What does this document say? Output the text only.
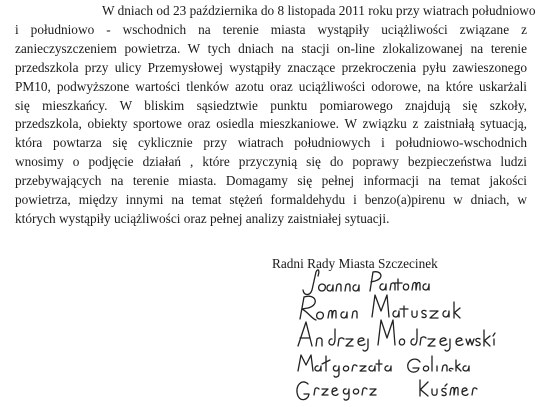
W dniach od 23 października do 8 listopada 2011 roku przy wiatrach południowo
i południowo - wschodnich na terenie miasta wystąpiły uciążliwości związane z
zanieczyszczeniem powietrza. W tych dniach na stacji on-line zlokalizowanej na terenie
przedszkola przy ulicy Przemysłowej wystąpiły znaczące przekroczenia pyłu zawieszonego
PM10, podwyższone wartości tlenków azotu oraz uciążliwości odorowe, na które uskarżali
się mieszkańcy. W bliskim sąsiedztwie punktu pomiarowego znajdują się szkoły,
przedszkola, obiekty sportowe oraz osiedla mieszkaniowe. W związku z zaistniałą sytuacją,
która powtarza się cyklicznie przy wiatrach południowych i południowo-wschodnich
wnosimy o podjęcie działań , które przyczynią się do poprawy bezpieczeństwa ludzi
przebywających na terenie miasta. Domagamy się pełnej informacji na temat jakości
powietrza, między innymi na temat stężeń formaldehydu i benzo(a)pirenu w dniach, w
których wystąpiły uciążliwości oraz pełnej analizy zaistniałej sytuacji.
Radni Rady Miasta Szczecinek
